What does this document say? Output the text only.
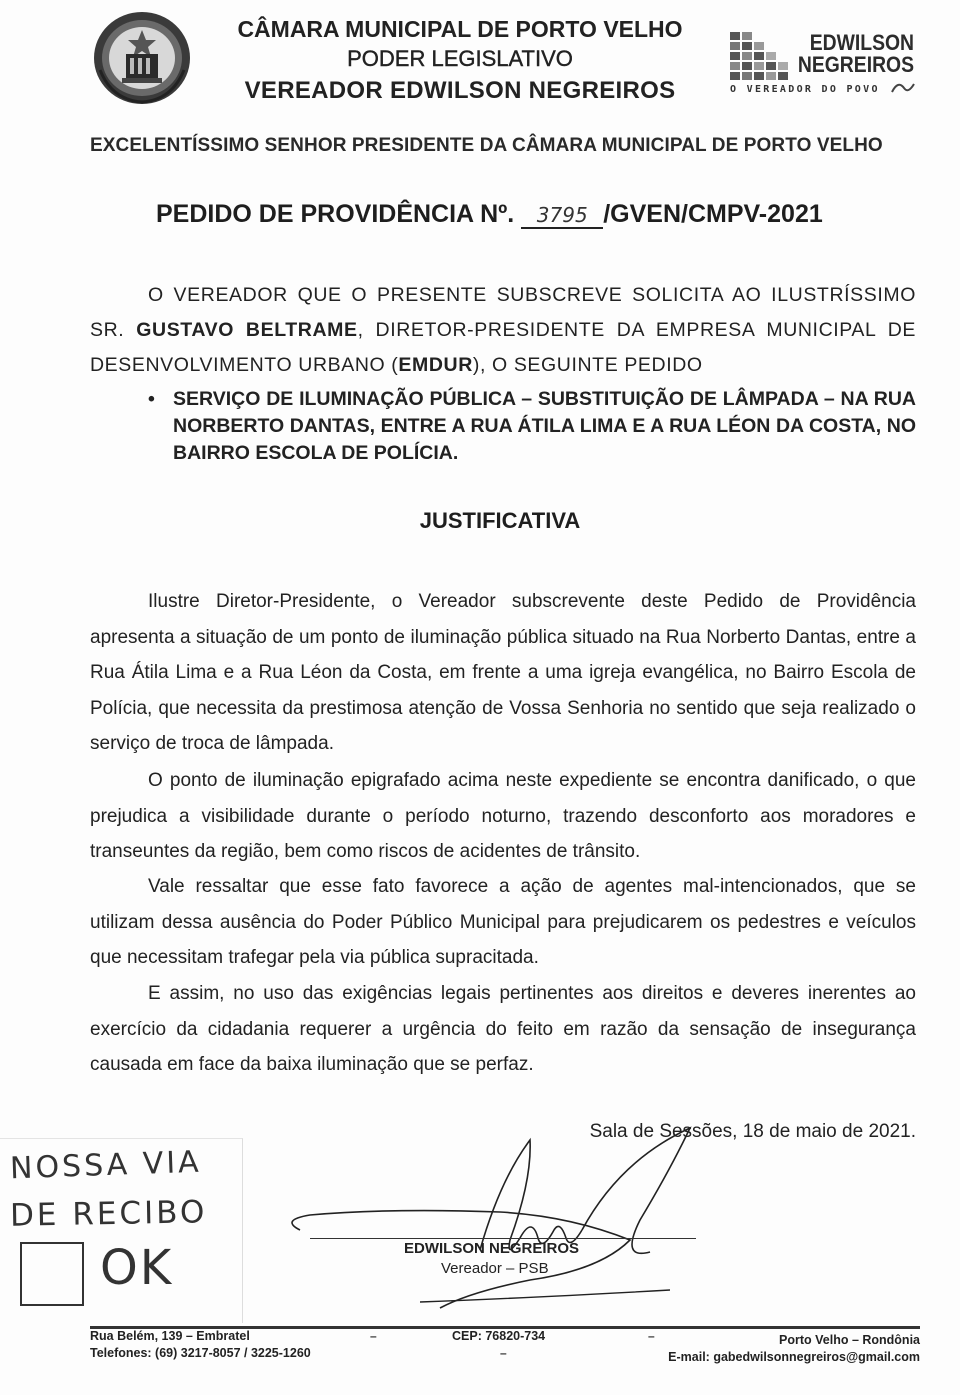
CÂMARA MUNICIPAL DE PORTO VELHO
PODER LEGISLATIVO
VEREADOR EDWILSON NEGREIROS
EDWILSON
NEGREIROS
O VEREADOR DO POVO
EXCELENTÍSSIMO SENHOR PRESIDENTE DA CÂMARA MUNICIPAL DE PORTO VELHO
PEDIDO DE PROVIDÊNCIA Nº. 3795 /GVEN/CMPV-2021
O VEREADOR QUE O PRESENTE SUBSCREVE SOLICITA AO ILUSTRÍSSIMO SR. GUSTAVO BELTRAME, DIRETOR-PRESIDENTE DA EMPRESA MUNICIPAL DE DESENVOLVIMENTO URBANO (EMDUR), O SEGUINTE PEDIDO
• SERVIÇO DE ILUMINAÇÃO PÚBLICA – SUBSTITUIÇÃO DE LÂMPADA – NA RUA NORBERTO DANTAS, ENTRE A RUA ÁTILA LIMA E A RUA LÉON DA COSTA, NO BAIRRO ESCOLA DE POLÍCIA.
JUSTIFICATIVA
Ilustre Diretor-Presidente, o Vereador subscrevente deste Pedido de Providência apresenta a situação de um ponto de iluminação pública situado na Rua Norberto Dantas, entre a Rua Átila Lima e a Rua Léon da Costa, em frente a uma igreja evangélica, no Bairro Escola de Polícia, que necessita da prestimosa atenção de Vossa Senhoria no sentido que seja realizado o serviço de troca de lâmpada.
O ponto de iluminação epigrafado acima neste expediente se encontra danificado, o que prejudica a visibilidade durante o período noturno, trazendo desconforto aos moradores e transeuntes da região, bem como riscos de acidentes de trânsito.
Vale ressaltar que esse fato favorece a ação de agentes mal-intencionados, que se utilizam dessa ausência do Poder Público Municipal para prejudicarem os pedestres e veículos que necessitam trafegar pela via pública supracitada.
E assim, no uso das exigências legais pertinentes aos direitos e deveres inerentes ao exercício da cidadania requerer a urgência do feito em razão da sensação de insegurança causada em face da baixa iluminação que se perfaz.
Sala de Sessões, 18 de maio de 2021.
EDWILSON NEGREIROS
Vereador – PSB
NOSSA VIA
DE RECIBO
OK
Rua Belém, 139 – Embratel
Telefones: (69) 3217-8057 / 3225-1260
CEP: 76820-734	Porto Velho – Rondônia
E-mail: gabedwilsonnegreiros@gmail.com
–
–
–
